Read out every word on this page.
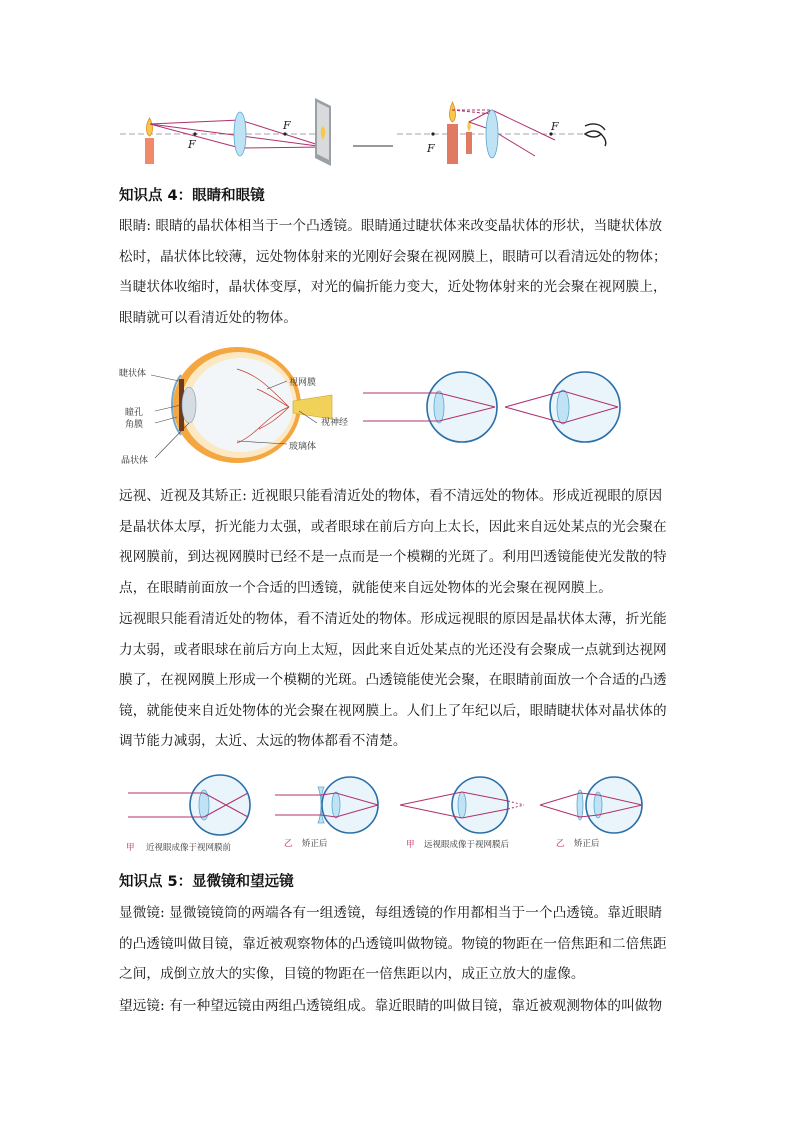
F
F
F
F
知识点 4：眼睛和眼镜
眼睛: 眼睛的晶状体相当于一个凸透镜。眼睛通过睫状体来改变晶状体的形状，当睫状体放
松时，晶状体比较薄，远处物体射来的光刚好会聚在视网膜上，眼睛可以看清远处的物体；
当睫状体收缩时，晶状体变厚，对光的偏折能力变大，近处物体射来的光会聚在视网膜上，
眼睛就可以看清近处的物体。
睫状体
瞳孔
角膜
晶状体
视网膜
视神经
玻璃体
远视、近视及其矫正: 近视眼只能看清近处的物体，看不清远处的物体。形成近视眼的原因
是晶状体太厚，折光能力太强，或者眼球在前后方向上太长，因此来自远处某点的光会聚在
视网膜前，到达视网膜时已经不是一点而是一个模糊的光斑了。利用凹透镜能使光发散的特
点，在眼睛前面放一个合适的凹透镜，就能使来自远处物体的光会聚在视网膜上。
远视眼只能看清近处的物体，看不清近处的物体。形成远视眼的原因是晶状体太薄，折光能
力太弱，或者眼球在前后方向上太短，因此来自近处某点的光还没有会聚成一点就到达视网
膜了，在视网膜上形成一个模糊的光斑。凸透镜能使光会聚，在眼睛前面放一个合适的凸透
镜，就能使来自近处物体的光会聚在视网膜上。人们上了年纪以后，眼睛睫状体对晶状体的
调节能力减弱，太近、太远的物体都看不清楚。
甲 近视眼成像于视网膜前	乙 矫正后	甲 远视眼成像于视网膜后	乙 矫正后
知识点 5：显微镜和望远镜
显微镜: 显微镜镜筒的两端各有一组透镜，每组透镜的作用都相当于一个凸透镜。靠近眼睛
的凸透镜叫做目镜，靠近被观察物体的凸透镜叫做物镜。物镜的物距在一倍焦距和二倍焦距
之间，成倒立放大的实像，目镜的物距在一倍焦距以内，成正立放大的虚像。
望远镜: 有一种望远镜由两组凸透镜组成。靠近眼睛的叫做目镜，靠近被观测物体的叫做物
